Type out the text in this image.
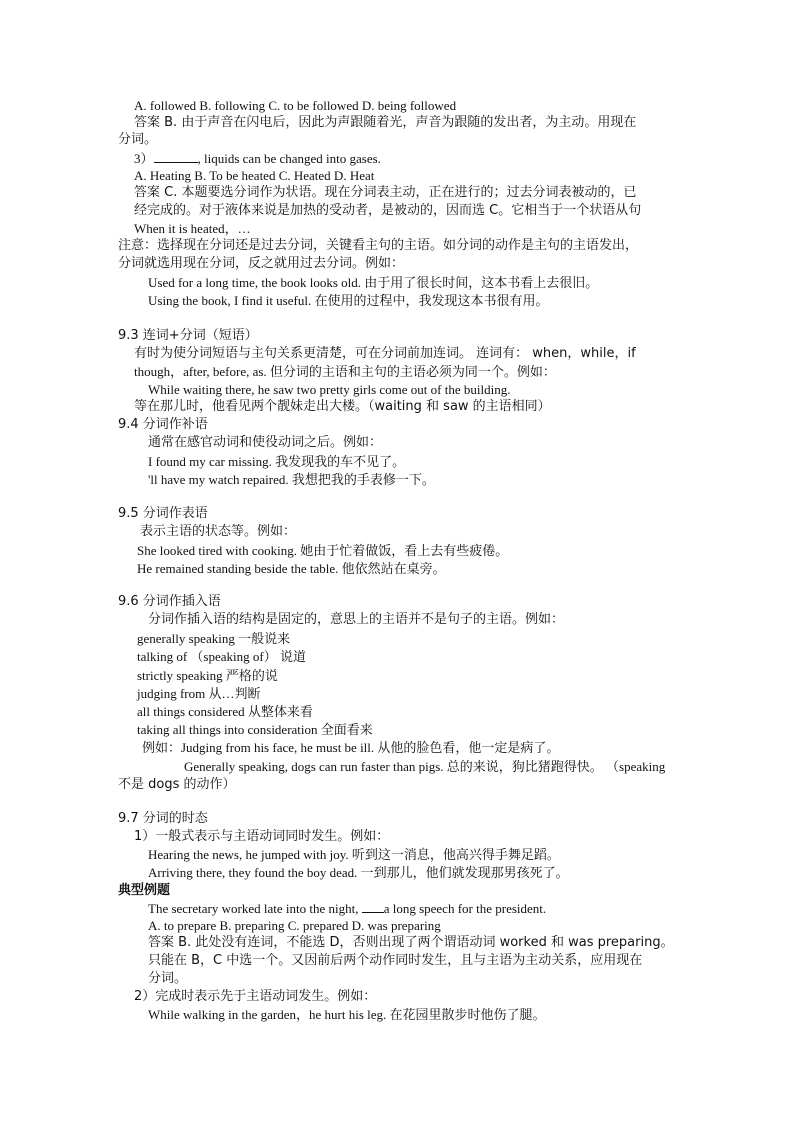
A. followed B. following C. to be followed D. being followed
答案 B. 由于声音在闪电后，因此为声跟随着光，声音为跟随的发出者，为主动。用现在
分词。
3）	, liquids can be changed into gases.
A. Heating B. To be heated C. Heated D. Heat
答案 C. 本题要选分词作为状语。现在分词表主动，正在进行的；过去分词表被动的，已
经完成的。对于液体来说是加热的受动者，是被动的，因而选 C。它相当于一个状语从句
When it is heated，…
注意：选择现在分词还是过去分词，关键看主句的主语。如分词的动作是主句的主语发出，
分词就选用现在分词，反之就用过去分词。例如：
Used for a long time, the book looks old. 由于用了很长时间，这本书看上去很旧。
Using the book, I find it useful. 在使用的过程中，我发现这本书很有用。
9.3 连词+分词（短语）
有时为使分词短语与主句关系更清楚，可在分词前加连词。 连词有： when，while，if
though，after, before, as. 但分词的主语和主句的主语必须为同一个。例如：
While waiting there, he saw two pretty girls come out of the building.
等在那儿时，他看见两个靓妹走出大楼。（waiting 和 saw 的主语相同）
9.4 分词作补语
通常在感官动词和使役动词之后。例如：
I found my car missing. 我发现我的车不见了。
'll have my watch repaired. 我想把我的手表修一下。
9.5 分词作表语
表示主语的状态等。例如：
She looked tired with cooking. 她由于忙着做饭，看上去有些疲倦。
He remained standing beside the table. 他依然站在桌旁。
9.6 分词作插入语
分词作插入语的结构是固定的，意思上的主语并不是句子的主语。例如：
generally speaking 一般说来
talking of （speaking of） 说道
strictly speaking 严格的说
judging from 从…判断
all things considered 从整体来看
taking all things into consideration 全面看来
例如：Judging from his face, he must be ill. 从他的脸色看，他一定是病了。
Generally speaking, dogs can run faster than pigs. 总的来说，狗比猪跑得快。 （speaking
不是 dogs 的动作）
9.7 分词的时态
1）一般式表示与主语动词同时发生。例如：
Hearing the news, he jumped with joy. 听到这一消息，他高兴得手舞足蹈。
Arriving there, they found the boy dead. 一到那儿，他们就发现那男孩死了。
典型例题
The secretary worked late into the night, a long speech for the president.
A. to prepare B. preparing C. prepared D. was preparing
答案 B. 此处没有连词，不能选 D，否则出现了两个谓语动词 worked 和 was preparing。
只能在 B，C 中选一个。又因前后两个动作同时发生，且与主语为主动关系，应用现在
分词。
2）完成时表示先于主语动词发生。例如：
While walking in the garden，he hurt his leg. 在花园里散步时他伤了腿。
